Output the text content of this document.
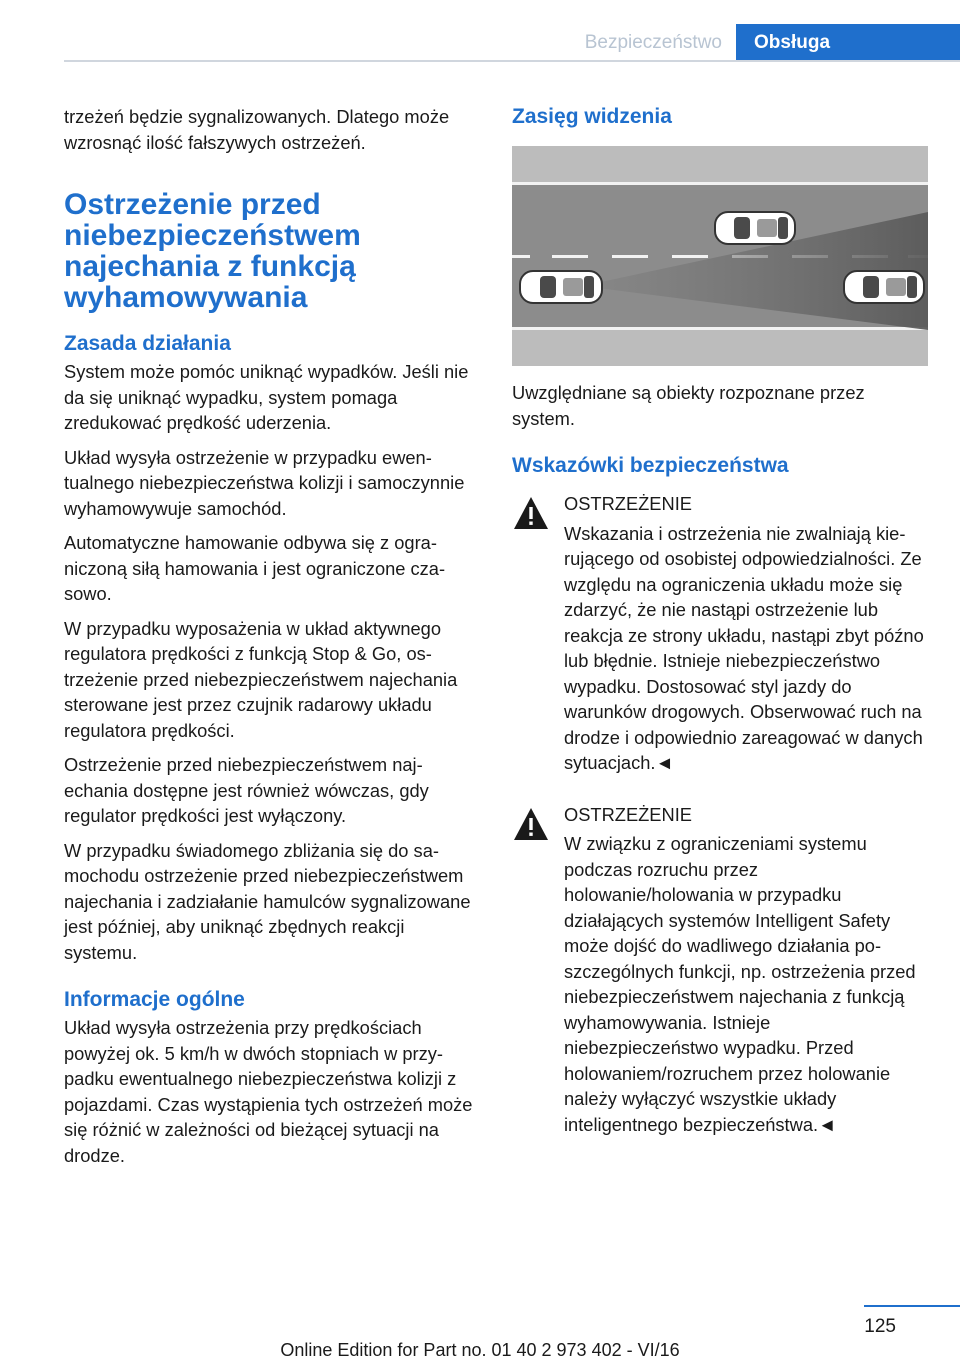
Bezpieczeństwo	Obsługa

trzeżeń będzie sygnalizowanych. Dlatego może wzrosnąć ilość fałszywych ostrzeżeń.

Ostrzeżenie przed niebezpieczeństwem najechania z funkcją wyhamowywania
Zasada działania

System może pomóc uniknąć wypadków. Jeśli nie da się uniknąć wypadku, system pomaga zredukować prędkość uderzenia.

Układ wysyła ostrzeżenie w przypadku ewentualnego niebezpieczeństwa kolizji i samoczynnie wyhamowywuje samochód.

Automatyczne hamowanie odbywa się z ograniczoną siłą hamowania i jest ograniczone czasowo.

W przypadku wyposażenia w układ aktywnego regulatora prędkości z funkcją Stop & Go, ostrzeżenie przed niebezpieczeństwem najechania sterowane jest przez czujnik radarowy układu regulatora prędkości.

Ostrzeżenie przed niebezpieczeństwem najechania dostępne jest również wówczas, gdy regulator prędkości jest wyłączony.

W przypadku świadomego zbliżania się do samochodu ostrzeżenie przed niebezpieczeństwem najechania i zadziałanie hamulców sygnalizowane jest później, aby uniknąć zbędnych reakcji systemu.

Informacje ogólne

Układ wysyła ostrzeżenia przy prędkościach powyżej ok. 5 km/h w dwóch stopniach w przypadku ewentualnego niebezpieczeństwa kolizji z pojazdami. Czas wystąpienia tych ostrzeżeń może się różnić w zależności od bieżącej sytuacji na drodze.

Zasięg widzenia

Uwzględniane są obiekty rozpoznane przez system.

Wskazówki bezpieczeństwa
OSTRZEŻENIE

Wskazania i ostrzeżenia nie zwalniają kierującego od osobistej odpowiedzialności. Ze względu na ograniczenia układu może się zdarzyć, że nie nastąpi ostrzeżenie lub reakcja ze strony układu, nastąpi zbyt późno lub błędnie. Istnieje niebezpieczeństwo wypadku. Dostosować styl jazdy do warunków drogowych. Obserwować ruch na drodze i odpowiednio zareagować w danych sytuacjach.◄

OSTRZEŻENIE

W związku z ograniczeniami systemu podczas rozruchu przez holowanie/holowania w przypadku działających systemów Intelligent Safety może dojść do wadliwego działania poszczególnych funkcji, np. ostrzeżenia przed niebezpieczeństwem najechania z funkcją wyhamowywania. Istnieje niebezpieczeństwo wypadku. Przed holowaniem/rozruchem przez holowanie należy wyłączyć wszystkie układy inteligentnego bezpieczeństwa.◄

125
Online Edition for Part no. 01 40 2 973 402 - VI/16
